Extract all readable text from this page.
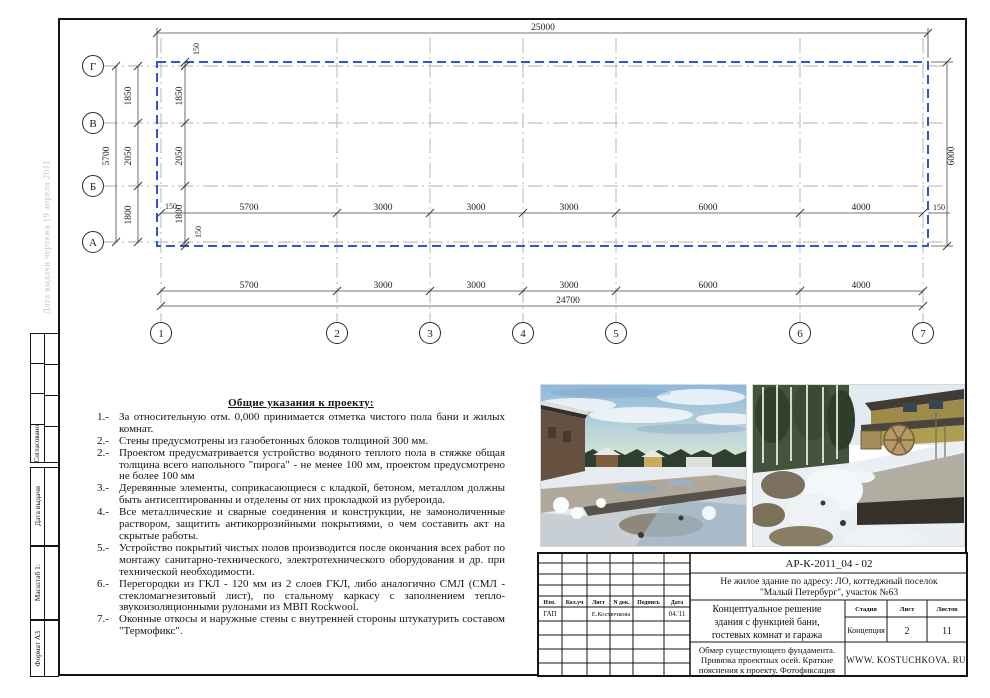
Дата выдачи чертежа 19 апреля 2011
Согласовано
Дата выдачи
Масштаб 1:
Формат А3
25000
24700
6000
5700
1850
2050
1800
1850
2050
1800
150
150
150	150
5700	3000	3000	3000	6000	4000
5700	3000	3000	3000	6000	4000
Г
В
Б
А
1	2	3	4	5	6	7
Общие указания к проекту:
1.- За относительную отм. 0,000 принимается отметка чистого пола бани и жилых комнат.
2.- Стены предусмотрены из газобетонных блоков толщиной 300 мм.
2.- Проектом предусматривается устройство водяного теплого пола в стяжке общая толщина всего напольного "пирога" - не менее 100 мм, проектом предусмотрено не более 100 мм
3.- Деревянные элементы, соприкасающиеся с кладкой, бетоном, металлом должны быть антисептированны и отделены от них прокладкой из рубероида.
4.- Все металлические и сварные соединения и конструкции, не замоноличенные раствором, защитить антикоррозийными покрытиями, о чем составить акт на скрытые работы.
5.- Устройство покрытий чистых полов производится после окончания всех работ по монтажу санитарно-технического, электротехнического оборудования и др. при технической необходимости.
6.- Перегородки из ГКЛ - 120 мм из 2 слоев ГКЛ, либо аналогично СМЛ (СМЛ - стекломагнезитовый лист), по стальному каркасу с заполнением тепло-звукоизоляционными рулонами из МВП Rockwool.
7.- Оконные откосы и наружные стены с внутренней стороны штукатурить составом "Термофикс".
АР-К-2011_04 - 02
Не жилое здание по адресу: ЛО, коттеджный поселок
"Малый Петербург", участок №63
Концептуальное решение
здания с функцией бани,
гостевых комнат и гаража
Стадия	Лист	Листов
Концепция 2	11
Обмер существующего фундамента.
Привязка проектных осей. Краткие
пояснения к проекту. Фотофиксация
WWW. KOSTUCHKOVA. RU
Изм. Кол.уч Лист N док. Подпись Дата
ГАП	Е.Костючкова	04.'11
